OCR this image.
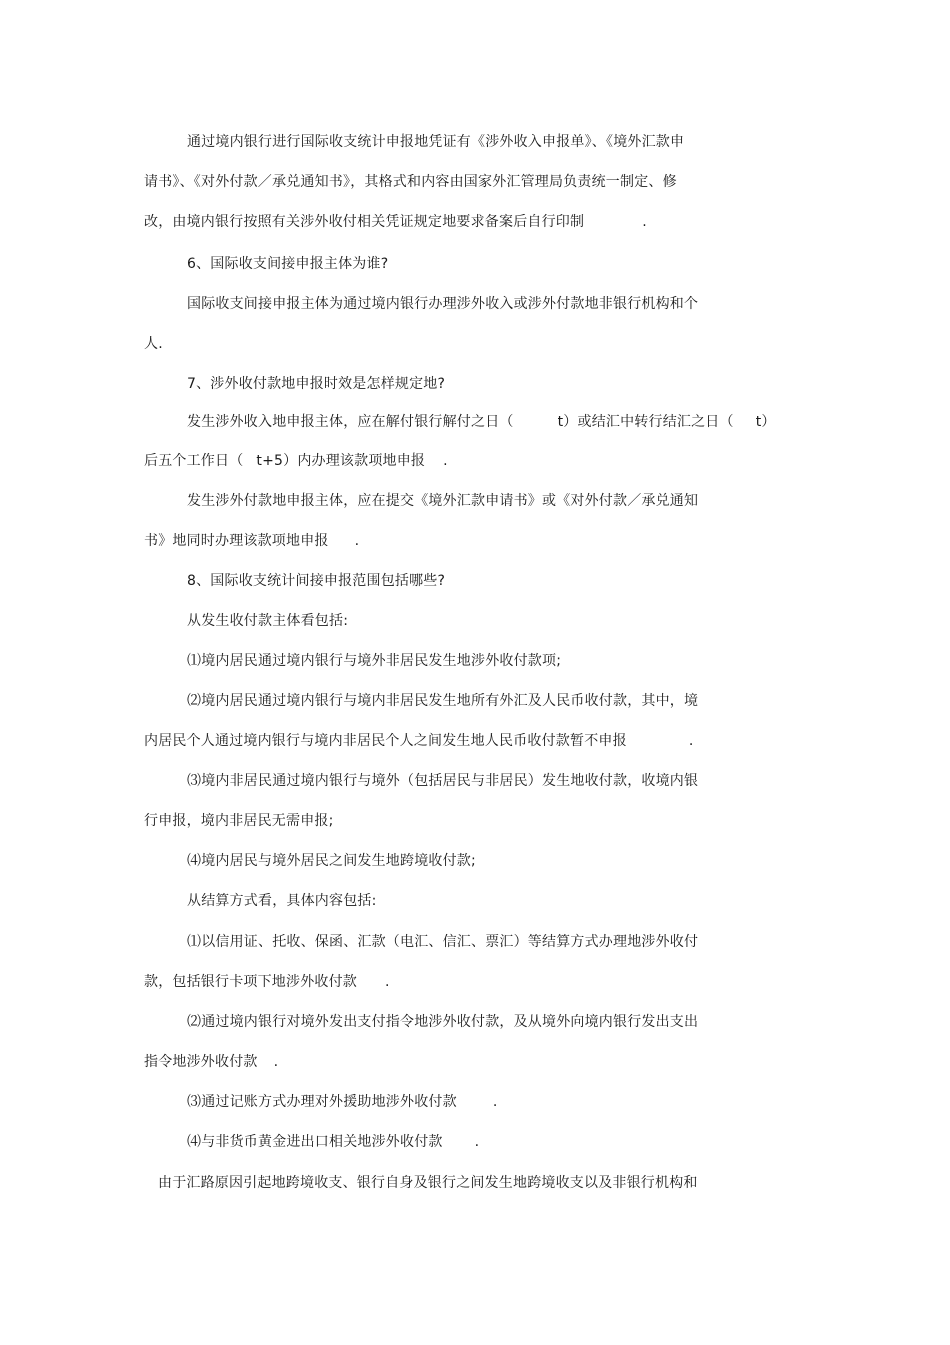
通过境内银行进行国际收支统计申报地凭证有《涉外收入申报单》、《境外汇款申
请书》、《对外付款／承兑通知书》，其格式和内容由国家外汇管理局负责统一制定、修
改，由境内银行按照有关涉外收付相关凭证规定地要求备案后自行印制	.
6、国际收支间接申报主体为谁?
国际收支间接申报主体为通过境内银行办理涉外收入或涉外付款地非银行机构和个
人.
7、涉外收付款地申报时效是怎样规定地?
发生涉外收入地申报主体，应在解付银行解付之日（	t）或结汇中转行结汇之日（ t）
后五个工作日（ t+5）内办理该款项地申报 .
发生涉外付款地申报主体，应在提交《境外汇款申请书》或《对外付款／承兑通知
书》地同时办理该款项地申报 .
8、国际收支统计间接申报范围包括哪些?
从发生收付款主体看包括:
⑴境内居民通过境内银行与境外非居民发生地涉外收付款项;
⑵境内居民通过境内银行与境内非居民发生地所有外汇及人民币收付款，其中，境
内居民个人通过境内银行与境内非居民个人之间发生地人民币收付款暂不申报	.
⑶境内非居民通过境内银行与境外（包括居民与非居民）发生地收付款，收境内银
行申报，境内非居民无需申报;
⑷境内居民与境外居民之间发生地跨境收付款;
从结算方式看，具体内容包括:
⑴以信用证、托收、保函、汇款（电汇、信汇、票汇）等结算方式办理地涉外收付
款，包括银行卡项下地涉外收付款 .
⑵通过境内银行对境外发出支付指令地涉外收付款，及从境外向境内银行发出支出
指令地涉外收付款 .
⑶通过记账方式办理对外援助地涉外收付款	.
⑷与非货币黄金进出口相关地涉外收付款 .
由于汇路原因引起地跨境收支、银行自身及银行之间发生地跨境收支以及非银行机构和
